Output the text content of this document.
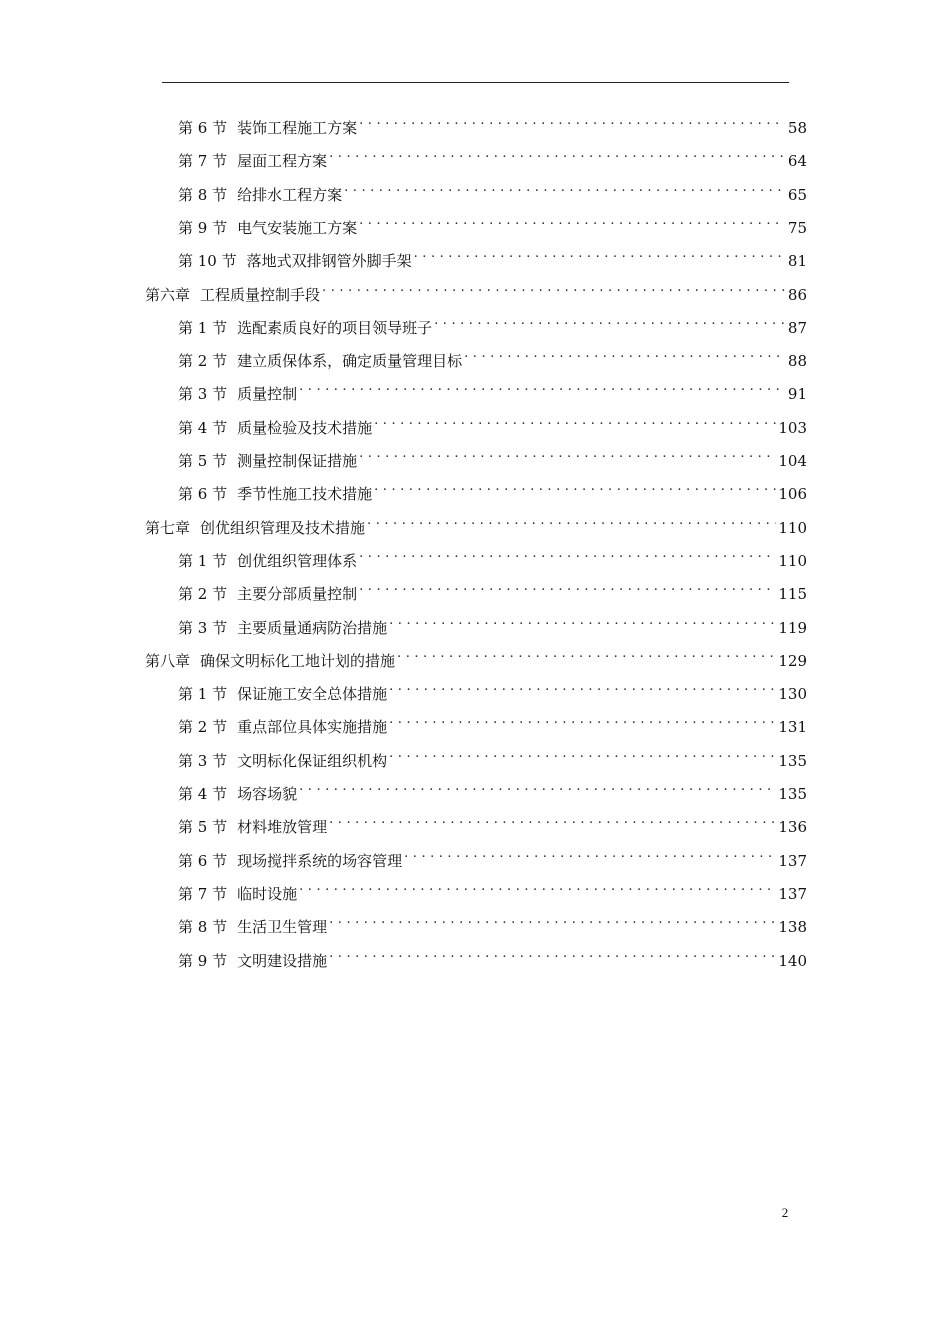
第 6 节 装饰工程施工方案 . . .	58
第 7 节 屋面工程方案 . . .	64
第 8 节 给排水工程方案 . . .	65
第 9 节 电气安装施工方案 . . .	75
第 10 节 落地式双排钢管外脚手架 . . .	81
第六章 工程质量控制手段 . . .	86
第 1 节 选配素质良好的项目领导班子 . . .	87
第 2 节 建立质保体系，确定质量管理目标 . . .	88
第 3 节 质量控制 . . .	91
第 4 节 质量检验及技术措施 . . .	103
第 5 节 测量控制保证措施 . . .	104
第 6 节 季节性施工技术措施 . . .	106
第七章 创优组织管理及技术措施 . . .	110
第 1 节 创优组织管理体系 . . .	110
第 2 节 主要分部质量控制 . . .	115
第 3 节 主要质量通病防治措施 . . .	119
第八章 确保文明标化工地计划的措施 . . .	129
第 1 节 保证施工安全总体措施 . . .	130
第 2 节 重点部位具体实施措施 . . .	131
第 3 节 文明标化保证组织机构 . . .	135
第 4 节 场容场貌 . . .	135
第 5 节 材料堆放管理 . . .	136
第 6 节 现场搅拌系统的场容管理 . . .	137
第 7 节 临时设施 . . .	137
第 8 节 生活卫生管理 . . .	138
第 9 节 文明建设措施 . . .	140
2
